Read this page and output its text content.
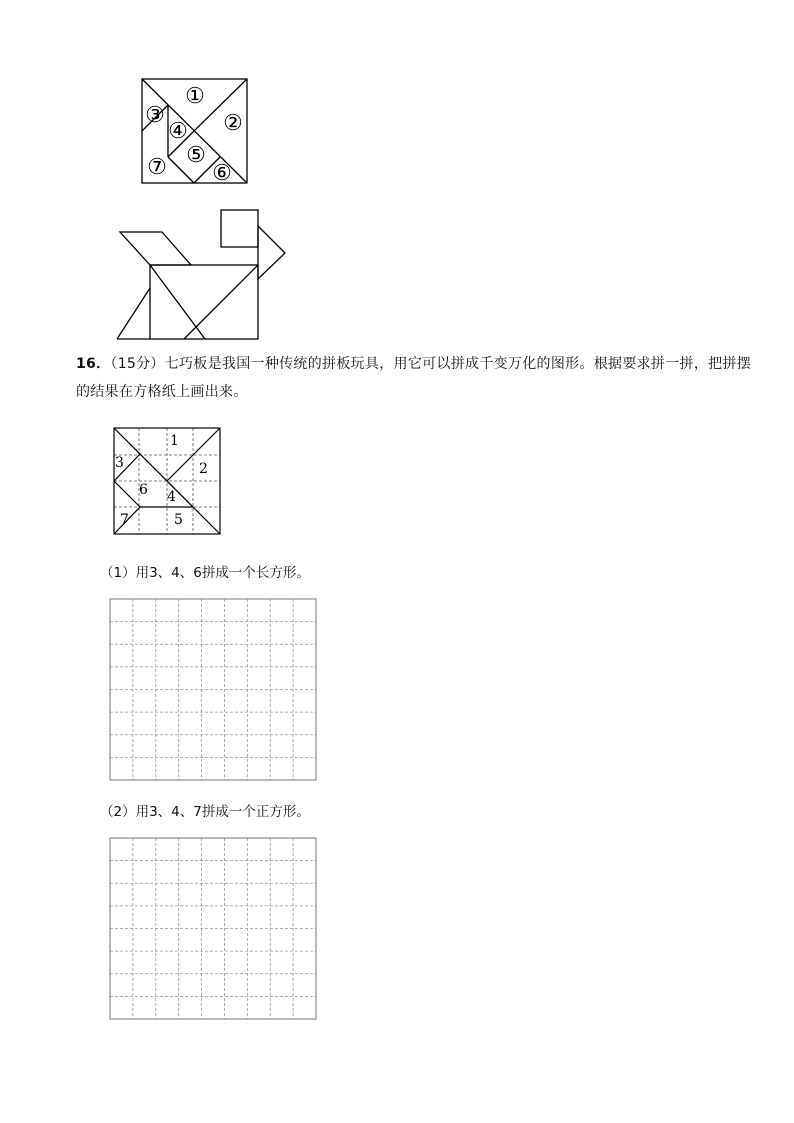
①
②
③
④
⑤
⑥
⑦
16．（15分）七巧板是我国一种传统的拼板玩具，用它可以拼成千变万化的图形。根据要求拼一拼，把拼摆的结果在方格纸上画出来。
1
2
3
4
5
6
7
（1）用3、4、6拼成一个长方形。
（2）用3、4、7拼成一个正方形。
